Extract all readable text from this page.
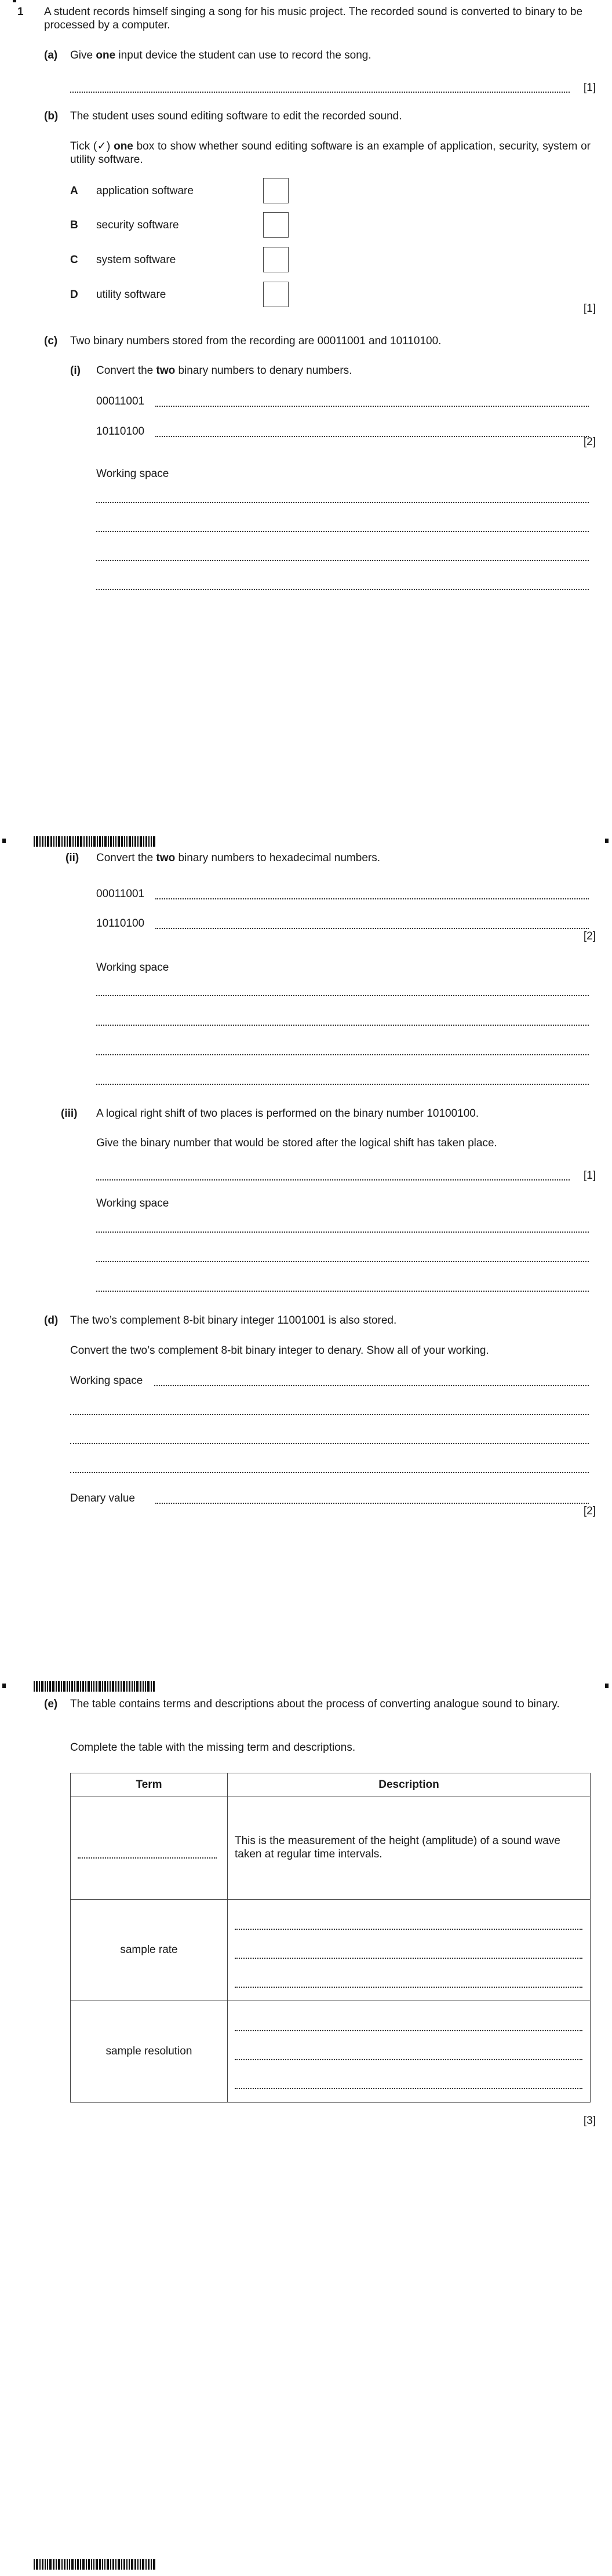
1 A student records himself singing a song for his music project. The recorded sound is converted to binary to be processed by a computer.
(a) Give one input device the student can use to record the song.
[1]
(b) The student uses sound editing software to edit the recorded sound.
Tick (✓) one box to show whether sound editing software is an example of application, security, system or utility software.
A application software
B security software
C system software
D utility software
[1]
(c) Two binary numbers stored from the recording are 00011001 and 10110100.
(i) Convert the two binary numbers to denary numbers.
00011001
10110100
[2]
Working space
(ii) Convert the two binary numbers to hexadecimal numbers.
00011001
10110100
[2]
Working space
(iii) A logical right shift of two places is performed on the binary number 10100100.
Give the binary number that would be stored after the logical shift has taken place.
[1]
Working space
(d) The two’s complement 8-bit binary integer 11001001 is also stored.
Convert the two’s complement 8-bit binary integer to denary. Show all of your working.
Working space
Denary value
[2]
(e) The table contains terms and descriptions about the process of converting analogue sound to binary.
Complete the table with the missing term and descriptions.
Term	Description

	This is the measurement of the height (amplitude) of a sound wave taken at regular time intervals.
sample rate	

sample resolution	
[3]
